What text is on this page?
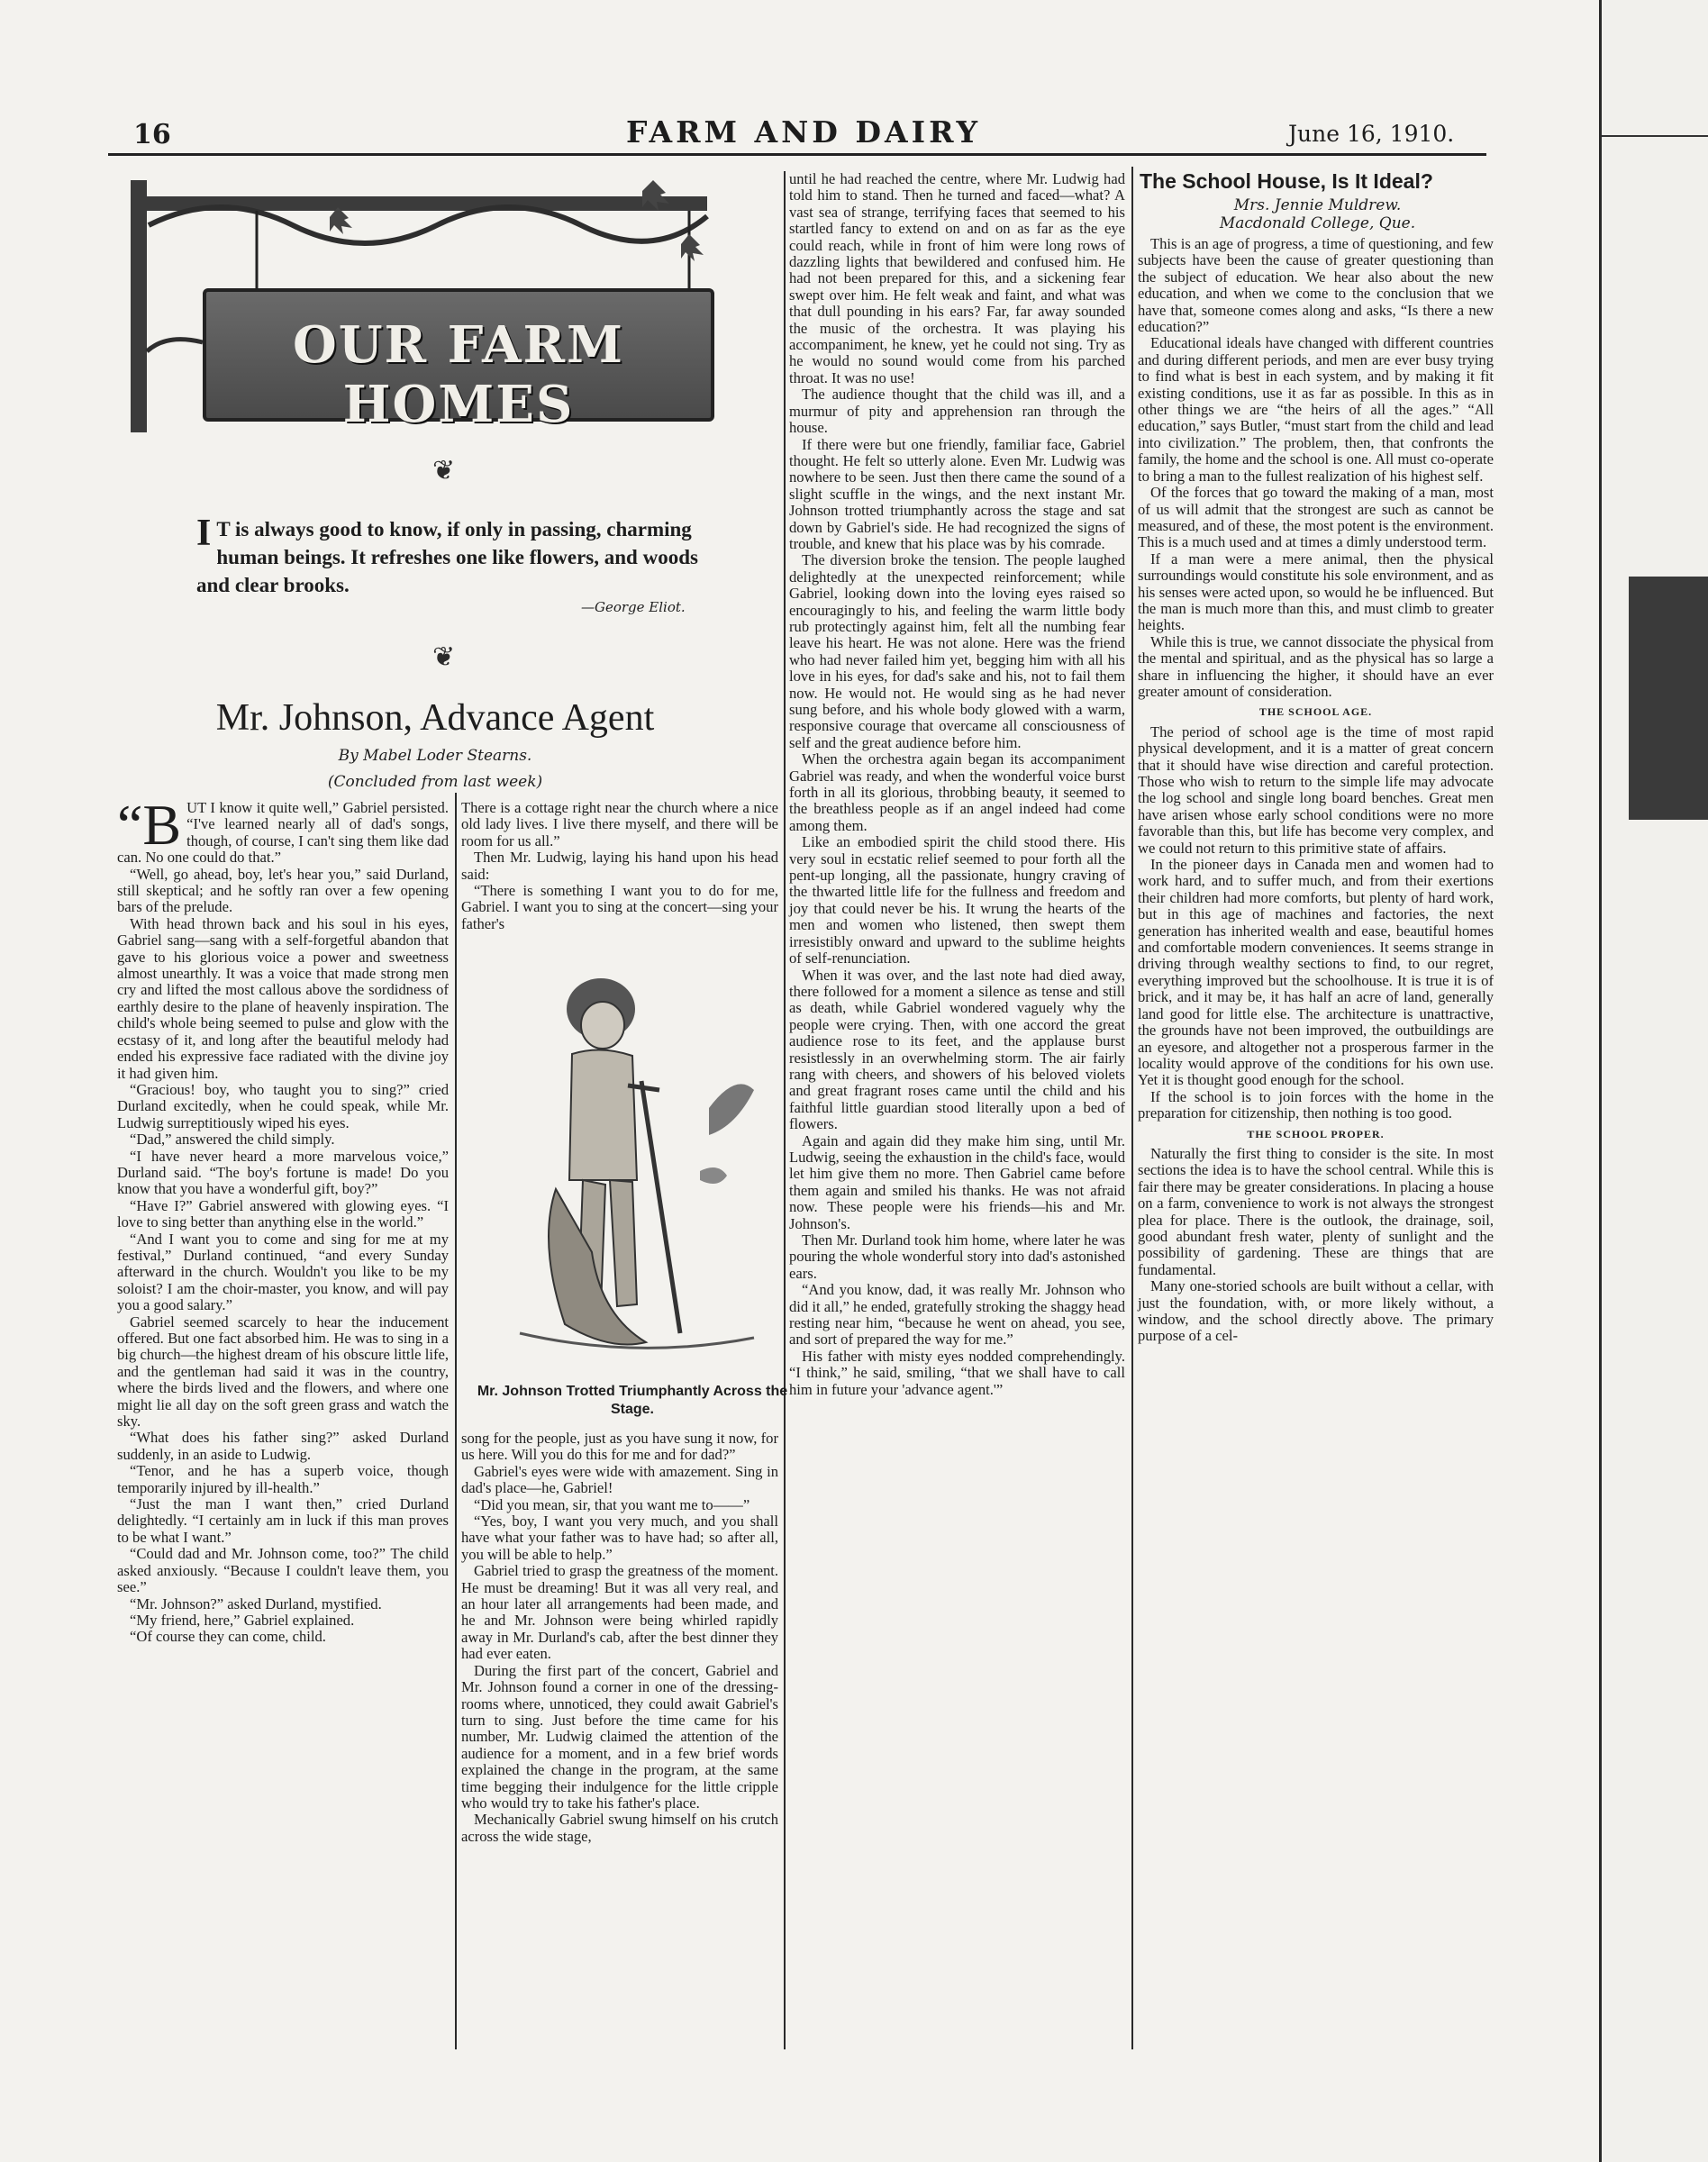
16	FARM AND DAIRY	June 16, 1910.
OUR FARM HOMES
❦
I T is always good to know, if only in passing, charming human beings. It refreshes one like flowers, and woods and clear brooks.
—George Eliot.
❦
Mr. Johnson, Advance Agent
By Mabel Loder Stearns.
(Concluded from last week)

“BUT I know it quite well,” Gabriel persisted. “I've learned nearly all of dad's songs, though, of course, I can't sing them like dad can. No one could do that.”

“Well, go ahead, boy, let's hear you,” said Durland, still skeptical; and he softly ran over a few opening bars of the prelude.

With head thrown back and his soul in his eyes, Gabriel sang—sang with a self-forgetful abandon that gave to his glorious voice a power and sweetness almost unearthly. It was a voice that made strong men cry and lifted the most callous above the sordidness of earthly desire to the plane of heavenly inspiration. The child's whole being seemed to pulse and glow with the ecstasy of it, and long after the beautiful melody had ended his expressive face radiated with the divine joy it had given him.

“Gracious! boy, who taught you to sing?” cried Durland excitedly, when he could speak, while Mr. Ludwig surreptitiously wiped his eyes.

“Dad,” answered the child simply.

“I have never heard a more marvelous voice,” Durland said. “The boy's fortune is made! Do you know that you have a wonderful gift, boy?”

“Have I?” Gabriel answered with glowing eyes. “I love to sing better than anything else in the world.”

“And I want you to come and sing for me at my festival,” Durland continued, “and every Sunday afterward in the church. Wouldn't you like to be my soloist? I am the choir-master, you know, and will pay you a good salary.”

Gabriel seemed scarcely to hear the inducement offered. But one fact absorbed him. He was to sing in a big church—the highest dream of his obscure little life, and the gentleman had said it was in the country, where the birds lived and the flowers, and where one might lie all day on the soft green grass and watch the sky.

“What does his father sing?” asked Durland suddenly, in an aside to Ludwig.

“Tenor, and he has a superb voice, though temporarily injured by ill-health.”

“Just the man I want then,” cried Durland delightedly. “I certainly am in luck if this man proves to be what I want.”

“Could dad and Mr. Johnson come, too?” The child asked anxiously. “Because I couldn't leave them, you see.”

“Mr. Johnson?” asked Durland, mystified.

“My friend, here,” Gabriel explained.

“Of course they can come, child.

There is a cottage right near the church where a nice old lady lives. I live there myself, and there will be room for us all.”

Then Mr. Ludwig, laying his hand upon his head said:

“There is something I want you to do for me, Gabriel. I want you to sing at the concert—sing your father's

Mr. Johnson Trotted Triumphantly Across the Stage.

song for the people, just as you have sung it now, for us here. Will you do this for me and for dad?”

Gabriel's eyes were wide with amazement. Sing in dad's place—he, Gabriel!

“Did you mean, sir, that you want me to——”

“Yes, boy, I want you very much, and you shall have what your father was to have had; so after all, you will be able to help.”

Gabriel tried to grasp the greatness of the moment. He must be dreaming! But it was all very real, and an hour later all arrangements had been made, and he and Mr. Johnson were being whirled rapidly away in Mr. Durland's cab, after the best dinner they had ever eaten.

During the first part of the concert, Gabriel and Mr. Johnson found a corner in one of the dressing-rooms where, unnoticed, they could await Gabriel's turn to sing. Just before the time came for his number, Mr. Ludwig claimed the attention of the audience for a moment, and in a few brief words explained the change in the program, at the same time begging their indulgence for the little cripple who would try to take his father's place.

Mechanically Gabriel swung himself on his crutch across the wide stage,

until he had reached the centre, where Mr. Ludwig had told him to stand. Then he turned and faced—what? A vast sea of strange, terrifying faces that seemed to his startled fancy to extend on and on as far as the eye could reach, while in front of him were long rows of dazzling lights that bewildered and confused him. He had not been prepared for this, and a sickening fear swept over him. He felt weak and faint, and what was that dull pounding in his ears? Far, far away sounded the music of the orchestra. It was playing his accompaniment, he knew, yet he could not sing. Try as he would no sound would come from his parched throat. It was no use!

The audience thought that the child was ill, and a murmur of pity and apprehension ran through the house.

If there were but one friendly, familiar face, Gabriel thought. He felt so utterly alone. Even Mr. Ludwig was nowhere to be seen. Just then there came the sound of a slight scuffle in the wings, and the next instant Mr. Johnson trotted triumphantly across the stage and sat down by Gabriel's side. He had recognized the signs of trouble, and knew that his place was by his comrade.

The diversion broke the tension. The people laughed delightedly at the unexpected reinforcement; while Gabriel, looking down into the loving eyes raised so encouragingly to his, and feeling the warm little body rub protectingly against him, felt all the numbing fear leave his heart. He was not alone. Here was the friend who had never failed him yet, begging him with all his love in his eyes, for dad's sake and his, not to fail them now. He would not. He would sing as he had never sung before, and his whole body glowed with a warm, responsive courage that overcame all consciousness of self and the great audience before him.

When the orchestra again began its accompaniment Gabriel was ready, and when the wonderful voice burst forth in all its glorious, throbbing beauty, it seemed to the breathless people as if an angel indeed had come among them.

Like an embodied spirit the child stood there. His very soul in ecstatic relief seemed to pour forth all the pent-up longing, all the passionate, hungry craving of the thwarted little life for the fullness and freedom and joy that could never be his. It wrung the hearts of the men and women who listened, then swept them irresistibly onward and upward to the sublime heights of self-renunciation.

When it was over, and the last note had died away, there followed for a moment a silence as tense and still as death, while Gabriel wondered vaguely why the people were crying. Then, with one accord the great audience rose to its feet, and the applause burst resistlessly in an overwhelming storm. The air fairly rang with cheers, and showers of his beloved violets and great fragrant roses came until the child and his faithful little guardian stood literally upon a bed of flowers.

Again and again did they make him sing, until Mr. Ludwig, seeing the exhaustion in the child's face, would let him give them no more. Then Gabriel came before them again and smiled his thanks. He was not afraid now. These people were his friends—his and Mr. Johnson's.

Then Mr. Durland took him home, where later he was pouring the whole wonderful story into dad's astonished ears.

“And you know, dad, it was really Mr. Johnson who did it all,” he ended, gratefully stroking the shaggy head resting near him, “because he went on ahead, you see, and sort of prepared the way for me.”

His father with misty eyes nodded comprehendingly. “I think,” he said, smiling, “that we shall have to call him in future your 'advance agent.'”

The School House, Is It Ideal?
Mrs. Jennie Muldrew.
Macdonald College, Que.

This is an age of progress, a time of questioning, and few subjects have been the cause of greater questioning than the subject of education. We hear also about the new education, and when we come to the conclusion that we have that, someone comes along and asks, “Is there a new education?”

Educational ideals have changed with different countries and during different periods, and men are ever busy trying to find what is best in each system, and by making it fit existing conditions, use it as far as possible. In this as in other things we are “the heirs of all the ages.” “All education,” says Butler, “must start from the child and lead into civilization.” The problem, then, that confronts the family, the home and the school is one. All must co-operate to bring a man to the fullest realization of his highest self.

Of the forces that go toward the making of a man, most of us will admit that the strongest are such as cannot be measured, and of these, the most potent is the environment. This is a much used and at times a dimly understood term.

If a man were a mere animal, then the physical surroundings would constitute his sole environment, and as his senses were acted upon, so would he be influenced. But the man is much more than this, and must climb to greater heights.

While this is true, we cannot dissociate the physical from the mental and spiritual, and as the physical has so large a share in influencing the higher, it should have an ever greater amount of consideration.

THE SCHOOL AGE.

The period of school age is the time of most rapid physical development, and it is a matter of great concern that it should have wise direction and careful protection. Those who wish to return to the simple life may advocate the log school and single long board benches. Great men have arisen whose early school conditions were no more favorable than this, but life has become very complex, and we could not return to this primitive state of affairs.

In the pioneer days in Canada men and women had to work hard, and to suffer much, and from their exertions their children had more comforts, but plenty of hard work, but in this age of machines and factories, the next generation has inherited wealth and ease, beautiful homes and comfortable modern conveniences. It seems strange in driving through wealthy sections to find, to our regret, everything improved but the schoolhouse. It is true it is of brick, and it may be, it has half an acre of land, generally land good for little else. The architecture is unattractive, the grounds have not been improved, the outbuildings are an eyesore, and altogether not a prosperous farmer in the locality would approve of the conditions for his own use. Yet it is thought good enough for the school.

If the school is to join forces with the home in the preparation for citizenship, then nothing is too good.

THE SCHOOL PROPER.

Naturally the first thing to consider is the site. In most sections the idea is to have the school central. While this is fair there may be greater considerations. In placing a house on a farm, convenience to work is not always the strongest plea for place. There is the outlook, the drainage, soil, good abundant fresh water, plenty of sunlight and the possibility of gardening. These are things that are fundamental.

Many one-storied schools are built without a cellar, with just the foundation, with, or more likely without, a window, and the school directly above. The primary purpose of a cel-
